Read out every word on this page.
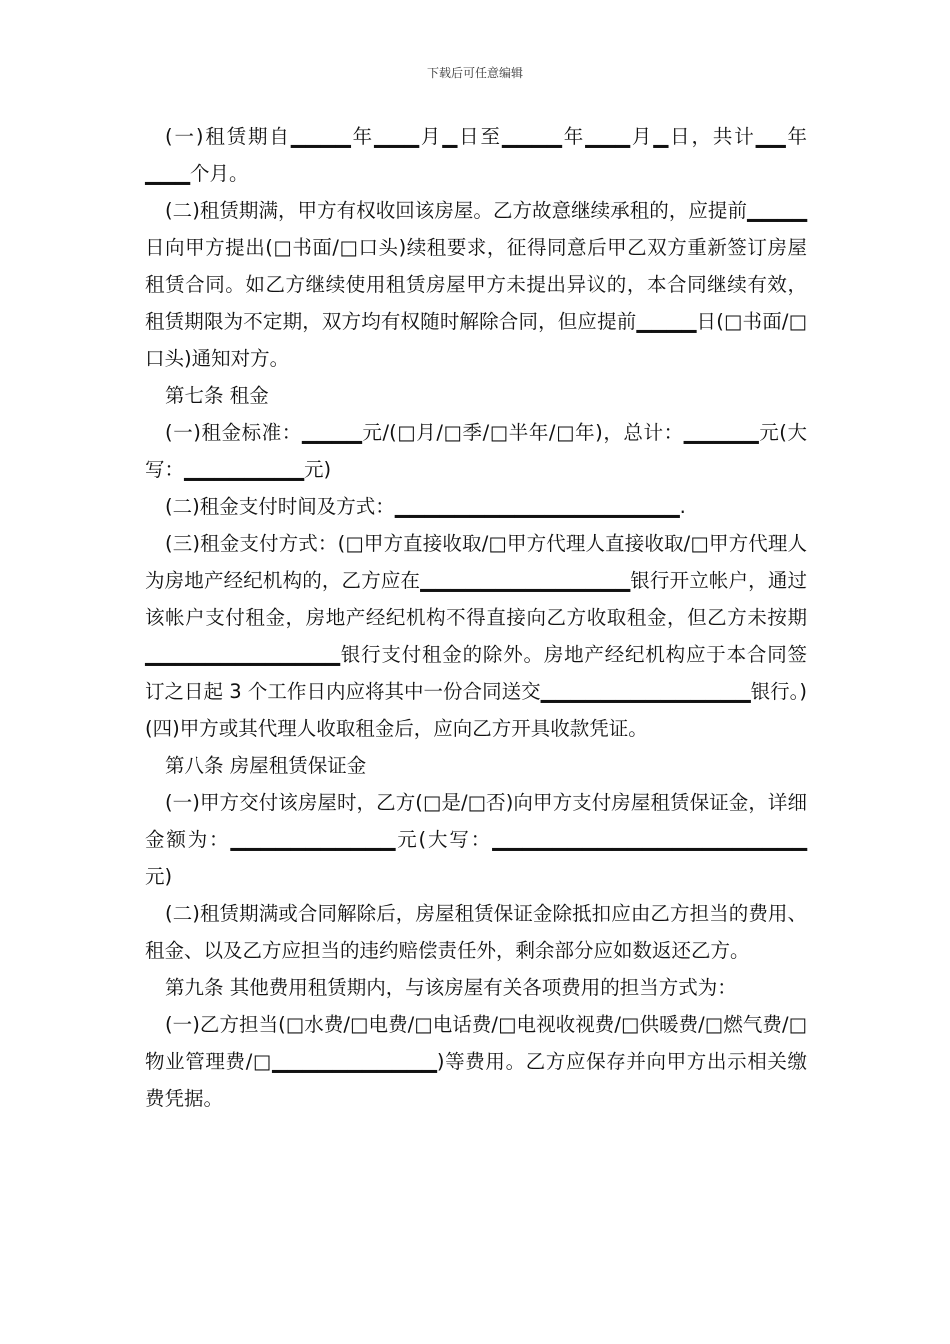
下载后可任意编辑

(一)租赁期自▁▁▁▁年▁▁▁月▁日至▁▁▁▁年▁▁▁月▁日，共计▁▁年▁▁▁个月。

(二)租赁期满，甲方有权收回该房屋。乙方故意继续承租的，应提前▁▁▁▁日向甲方提出(□书面/□口头)续租要求，征得同意后甲乙双方重新签订房屋租赁合同。如乙方继续使用租赁房屋甲方未提出异议的，本合同继续有效，租赁期限为不定期，双方均有权随时解除合同，但应提前▁▁▁▁日(□书面/□口头)通知对方。

第七条 租金

(一)租金标准：▁▁▁▁元/(□月/□季/□半年/□年)，总计：▁▁▁▁▁元(大写：▁▁▁▁▁▁▁▁元)

(二)租金支付时间及方式：▁▁▁▁▁▁▁▁▁▁▁▁▁▁▁▁▁▁▁.

(三)租金支付方式：(□甲方直接收取/□甲方代理人直接收取/□甲方代理人为房地产经纪机构的，乙方应在▁▁▁▁▁▁▁▁▁▁▁▁▁▁银行开立帐户，通过该帐户支付租金，房地产经纪机构不得直接向乙方收取租金，但乙方未按期▁▁▁▁▁▁▁▁▁▁▁▁▁银行支付租金的除外。房地产经纪机构应于本合同签订之日起 3 个工作日内应将其中一份合同送交▁▁▁▁▁▁▁▁▁▁▁▁▁▁银行。)(四)甲方或其代理人收取租金后，应向乙方开具收款凭证。

第八条 房屋租赁保证金

(一)甲方交付该房屋时，乙方(□是/□否)向甲方支付房屋租赁保证金，详细金额为：▁▁▁▁▁▁▁▁▁▁▁元(大写：▁▁▁▁▁▁▁▁▁▁▁▁▁▁▁▁▁▁▁▁▁元)

(二)租赁期满或合同解除后，房屋租赁保证金除抵扣应由乙方担当的费用、租金、以及乙方应担当的违约赔偿责任外，剩余部分应如数返还乙方。

第九条 其他费用租赁期内，与该房屋有关各项费用的担当方式为：

(一)乙方担当(□水费/□电费/□电话费/□电视收视费/□供暖费/□燃气费/□物业管理费/□▁▁▁▁▁▁▁▁▁▁▁)等费用。乙方应保存并向甲方出示相关缴费凭据。
